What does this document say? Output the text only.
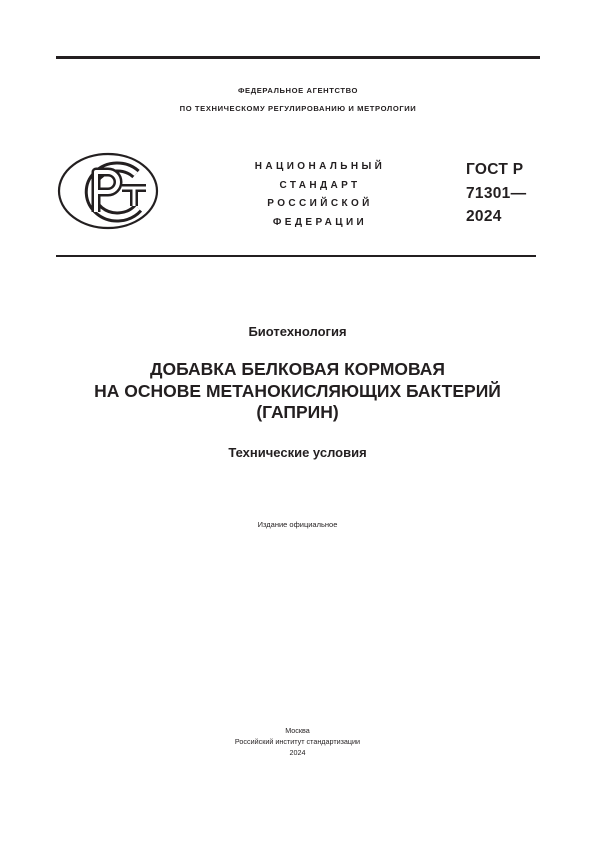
ФЕДЕРАЛЬНОЕ АГЕНТСТВО
ПО ТЕХНИЧЕСКОМУ РЕГУЛИРОВАНИЮ И МЕТРОЛОГИИ
НАЦИОНАЛЬНЫЙ
СТАНДАРТ
РОССИЙСКОЙ
ФЕДЕРАЦИИ
ГОСТ Р
71301—
2024
Биотехнология
ДОБАВКА БЕЛКОВАЯ КОРМОВАЯ
НА ОСНОВЕ МЕТАНОКИСЛЯЮЩИХ БАКТЕРИЙ
(ГАПРИН)
Технические условия
Издание официальное
Москва
Российский институт стандартизации
2024
